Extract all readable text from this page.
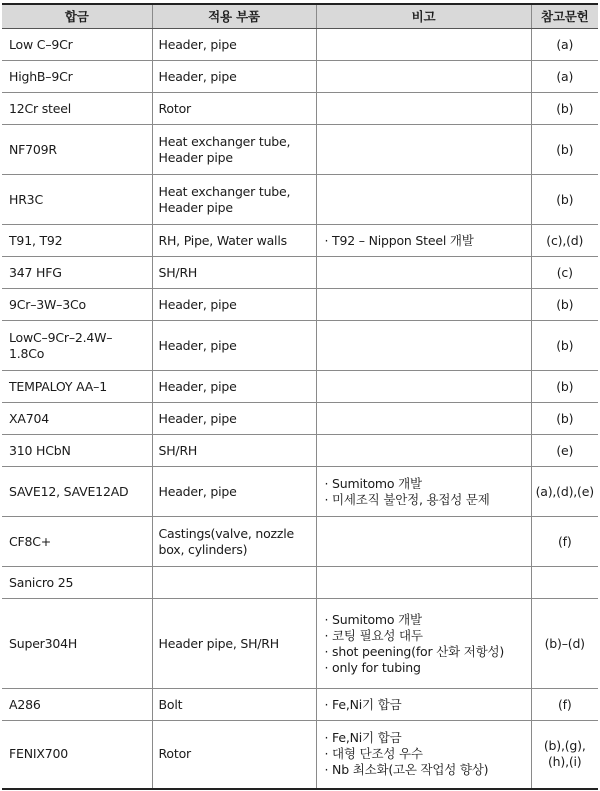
합금	적용 부품	비고	참고문헌

Low C–9Cr	Header, pipe		(a)

HighB–9Cr	Header, pipe		(a)

12Cr steel	Rotor		(b)

NF709R	Heat exchanger tube,
Header pipe		(b)

HR3C	Heat exchanger tube,
Header pipe		(b)

T91, T92	RH, Pipe, Water walls	· T92 – Nippon Steel 개발	(c),(d)

347 HFG	SH/RH		(c)

9Cr–3W–3Co	Header, pipe		(b)

LowC–9Cr–2.4W–
1.8Co	Header, pipe		(b)

TEMPALOY AA–1	Header, pipe		(b)

XA704	Header, pipe		(b)

310 HCbN	SH/RH		(e)

SAVE12, SAVE12AD	Header, pipe	· Sumitomo 개발
· 미세조직 불안정, 용접성 문제	(a),(d),(e)

CF8C+	Castings(valve, nozzle
box, cylinders)		(f)

Sanicro 25			

Super304H	Header pipe, SH/RH	· Sumitomo 개발
· 코팅 필요성 대두
· shot peening(for 산화 저항성)
· only for tubing	(b)–(d)

A286	Bolt	· Fe,Ni기 합금	(f)

FENIX700	Rotor	· Fe,Ni기 합금
· 대형 단조성 우수
· Nb 최소화(고온 작업성 향상)	(b),(g),(h),(i)
